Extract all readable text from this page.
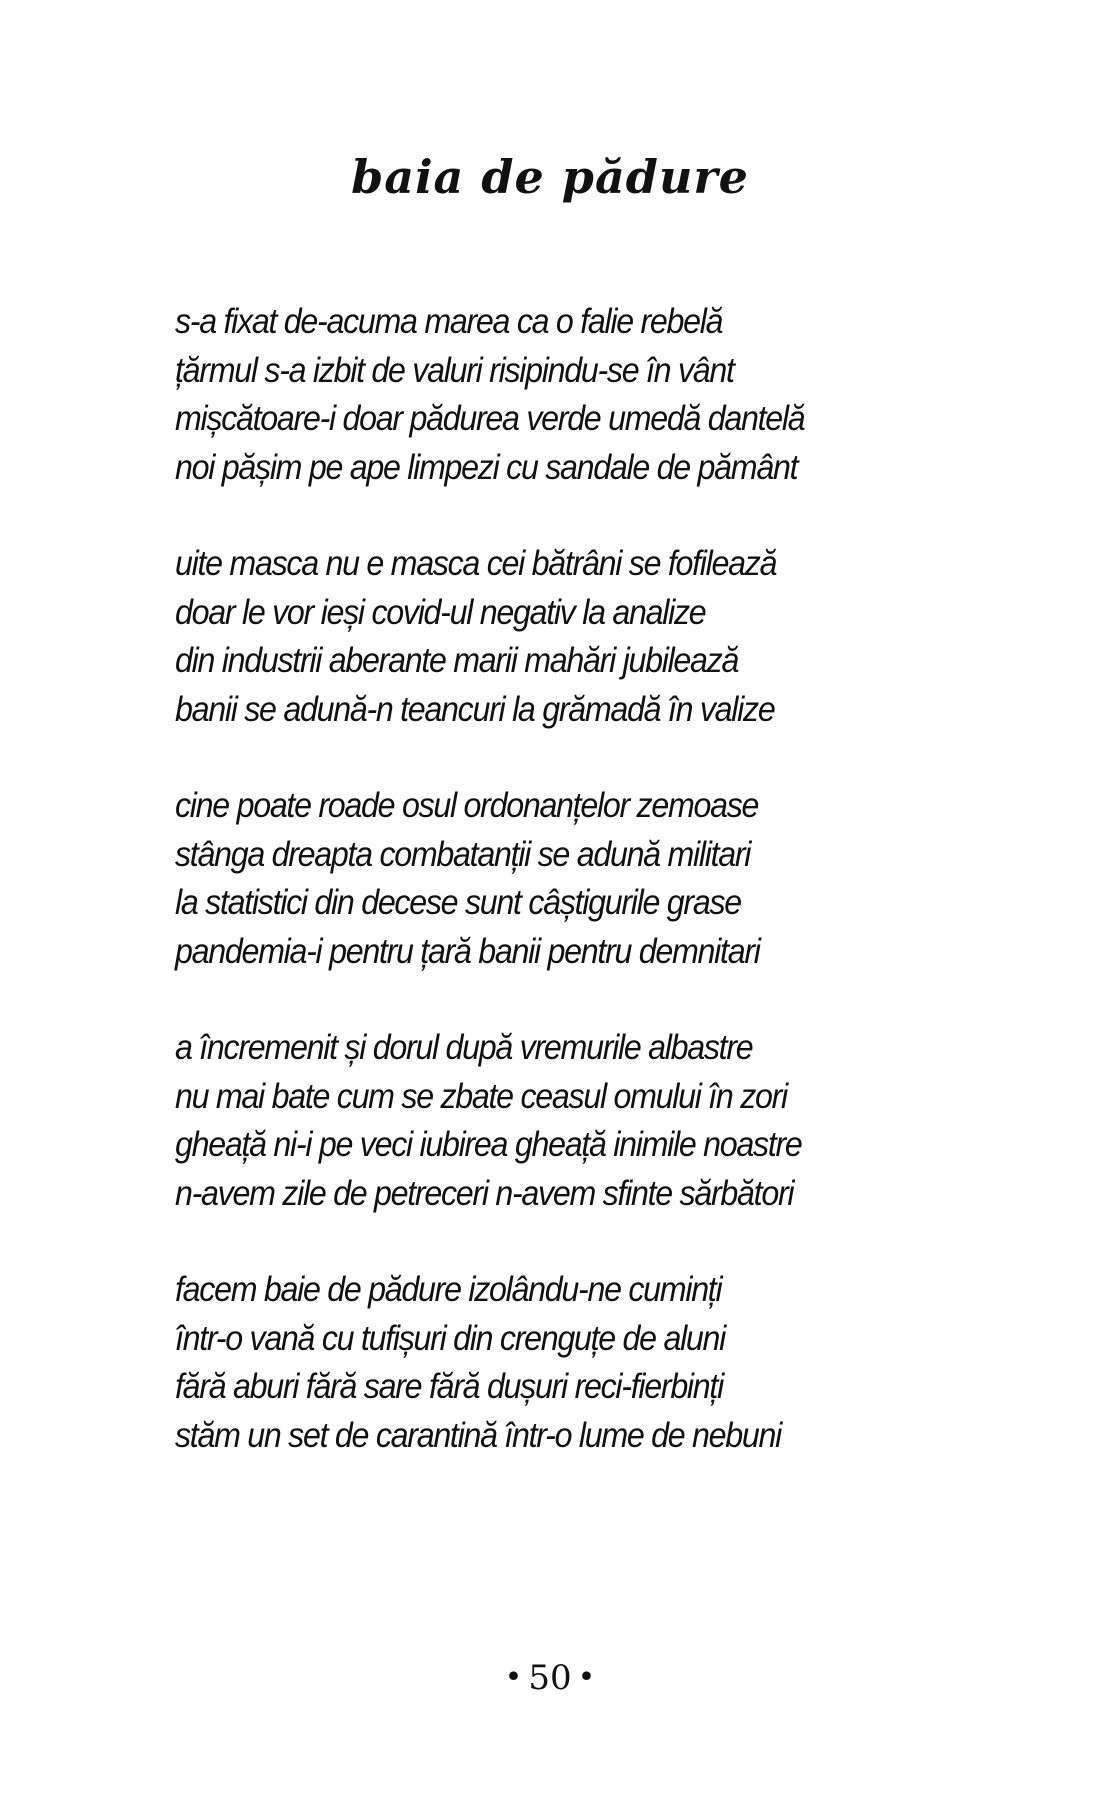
baia de pădure

s-a fixat de-acuma marea ca o falie rebelă
țărmul s-a izbit de valuri risipindu-se în vânt
mișcătoare-i doar pădurea verde umedă dantelă
noi pășim pe ape limpezi cu sandale de pământ

uite masca nu e masca cei bătrâni se fofilează
doar le vor ieși covid-ul negativ la analize
din industrii aberante marii mahări jubilează
banii se adună-n teancuri la grămadă în valize

cine poate roade osul ordonanțelor zemoase
stânga dreapta combatanții se adună militari
la statistici din decese sunt câștigurile grase
pandemia-i pentru țară banii pentru demnitari

a încremenit și dorul după vremurile albastre
nu mai bate cum se zbate ceasul omului în zori
gheață ni-i pe veci iubirea gheață inimile noastre
n-avem zile de petreceri n-avem sfinte sărbători

facem baie de pădure izolându-ne cuminți
într-o vană cu tufișuri din crenguțe de aluni
fără aburi fără sare fără dușuri reci-fierbinți
stăm un set de carantină într-o lume de nebuni

• 50 •
